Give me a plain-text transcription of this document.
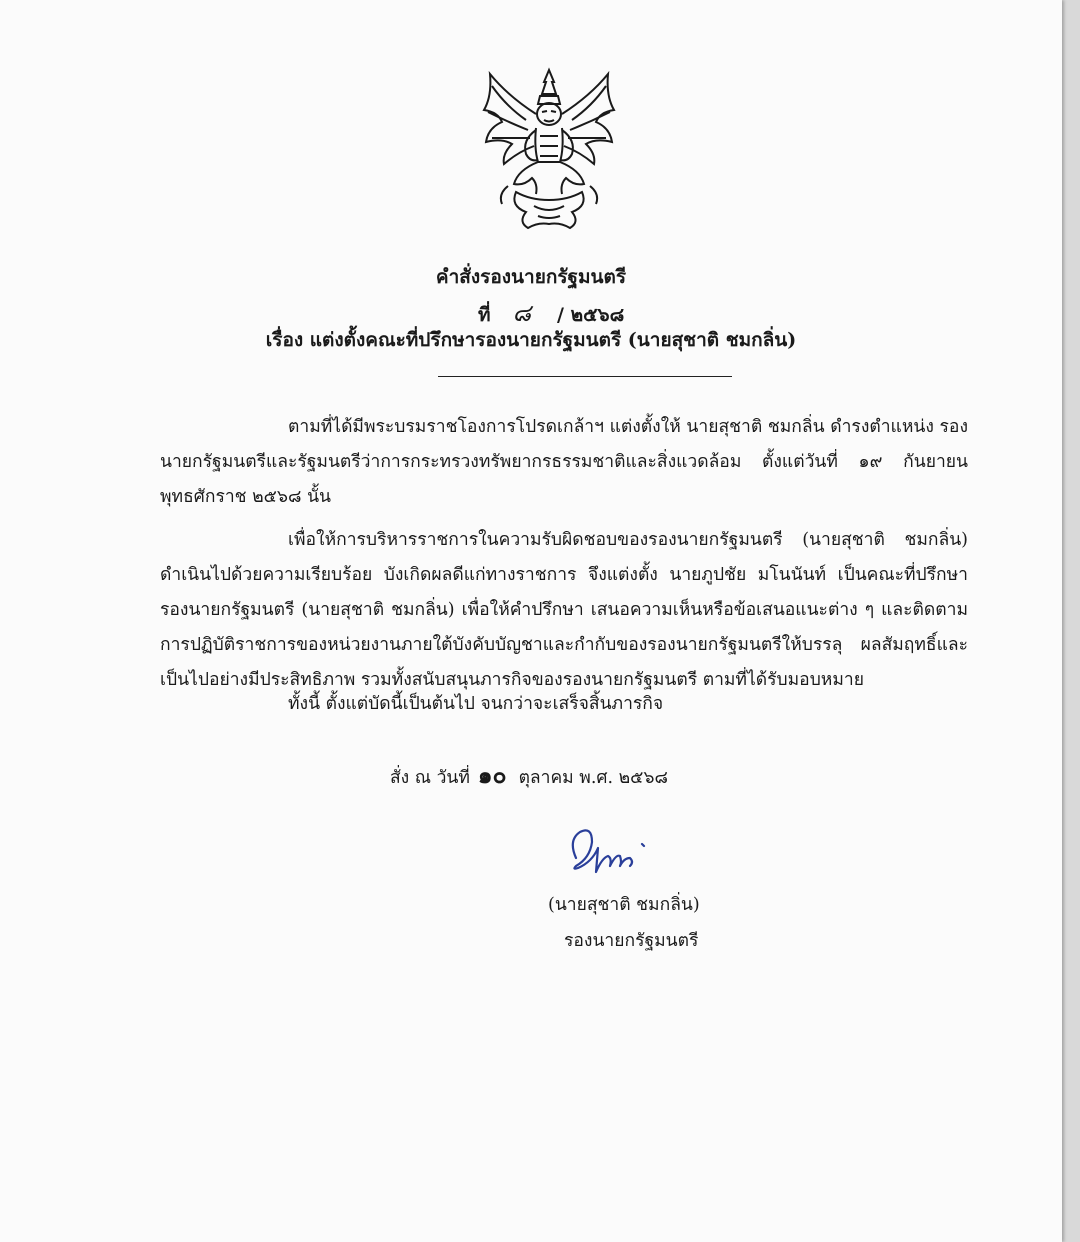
คำสั่งรองนายกรัฐมนตรี
ที่ ๘ / ๒๕๖๘
เรื่อง แต่งตั้งคณะที่ปรึกษารองนายกรัฐมนตรี (นายสุชาติ ชมกลิ่น)

ตามที่ได้มีพระบรมราชโองการโปรดเกล้าฯ แต่งตั้งให้ นายสุชาติ ชมกลิ่น ดำรงตำแหน่ง รองนายกรัฐมนตรีและรัฐมนตรีว่าการกระทรวงทรัพยากรธรรมชาติและสิ่งแวดล้อม ตั้งแต่วันที่ ๑๙ กันยายน พุทธศักราช ๒๕๖๘ นั้น

เพื่อให้การบริหารราชการในความรับผิดชอบของรองนายกรัฐมนตรี (นายสุชาติ ชมกลิ่น) ดำเนินไปด้วยความเรียบร้อย บังเกิดผลดีแก่ทางราชการ จึงแต่งตั้ง นายภูปชัย มโนนันท์ เป็นคณะที่ปรึกษา รองนายกรัฐมนตรี (นายสุชาติ ชมกลิ่น) เพื่อให้คำปรึกษา เสนอความเห็นหรือข้อเสนอแนะต่าง ๆ และติดตาม การปฏิบัติราชการของหน่วยงานภายใต้บังคับบัญชาและกำกับของรองนายกรัฐมนตรีให้บรรลุ ผลสัมฤทธิ์และ เป็นไปอย่างมีประสิทธิภาพ รวมทั้งสนับสนุนภารกิจของรองนายกรัฐมนตรี ตามที่ได้รับมอบหมาย

ทั้งนี้ ตั้งแต่บัดนี้เป็นต้นไป จนกว่าจะเสร็จสิ้นภารกิจ

สั่ง ณ วันที่ ๑๐ ตุลาคม พ.ศ. ๒๕๖๘
(นายสุชาติ ชมกลิ่น)
รองนายกรัฐมนตรี
